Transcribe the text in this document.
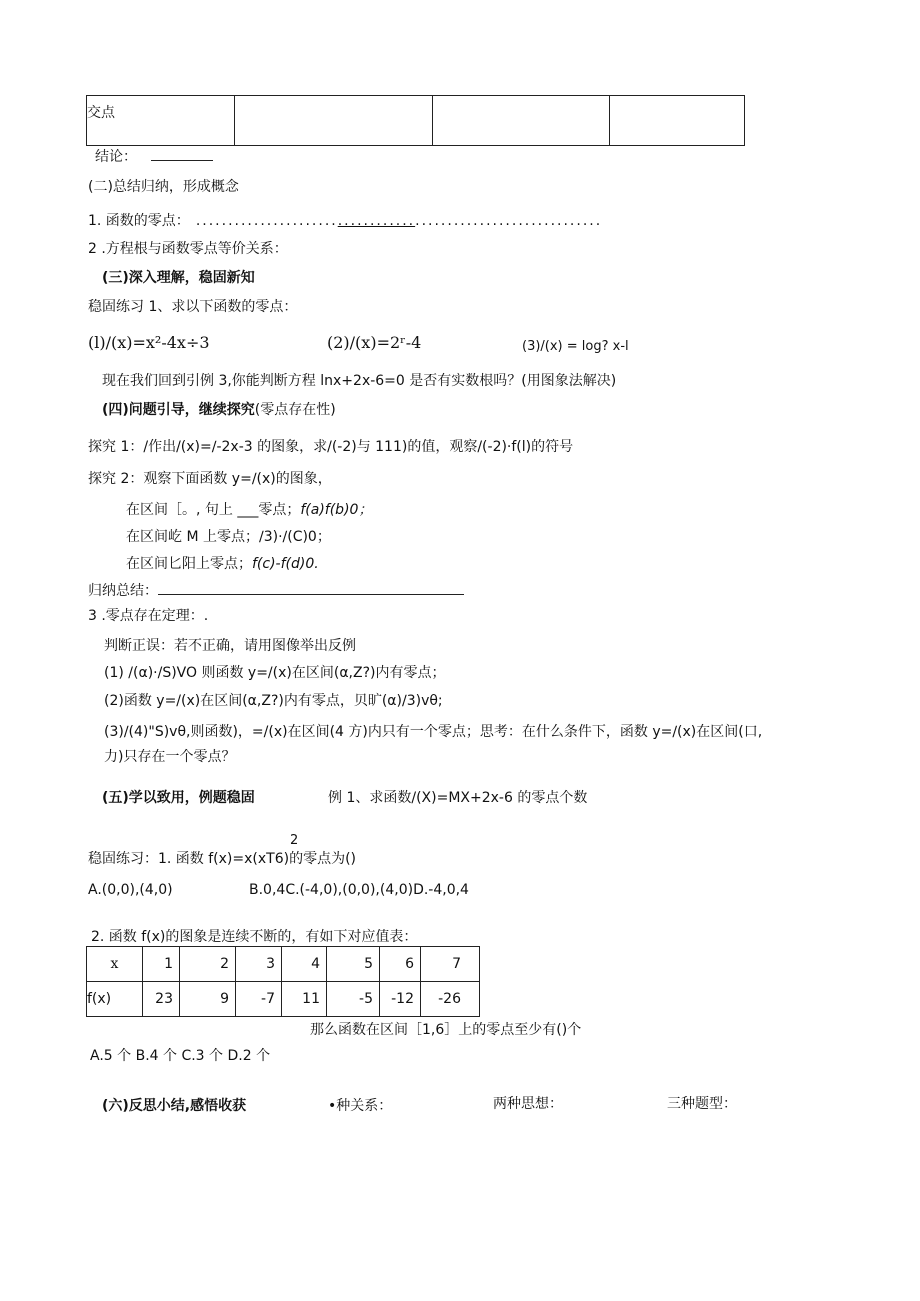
交点

结论：
(二)总结归纳，形成概念
1. 函数的零点： ...............................................................
2 .方程根与函数零点等价关系：
(三)深入理解，稳固新知
稳固练习 1、求以下函数的零点：
(l)/(x)=x²-4x÷3	(2)/(x)=2ʳ-4	(3)/(x) = log? x-l
现在我们回到引例 3,你能判断方程 lnx+2x-6=0 是否有实数根吗？(用图象法解决)
(四)问题引导，继续探究(零点存在性)
探究 1：/作出/(x)=∕-2x-3 的图象，求/(-2)与 111)的值，观察/(-2)·f(l)的符号
探究 2：观察下面函数 y=∕(x)的图象，
在区间［。, 句上 ___零点；f(a)f(b)0；
在区间屹 M 上零点；∕3)·∕(C)0；
在区间匕阳上零点；f(c)-f(d)0.
归纳总结：
3 .零点存在定理：.
判断正误：若不正确，请用图像举出反例
(1) /(α)·/S)VO 则函数 y=/(x)在区间(α,Z?)内有零点；
(2)函数 y=/(x)在区间(α,Z?)内有零点，贝旷(α)∕3)vθ;
(3)∕(4)"S)vθ,则函数)，=/(x)在区间(4 方)内只有一个零点；思考：在什么条件下，函数 y=∕(x)在区间(口,
力)只存在一个零点？
(五)学以致用，例题稳固	例 1、求函数/(X)=MX+2x-6 的零点个数
2
稳固练习：1. 函数 f(x)=x(xT6)的零点为()
A.(0,0),(4,0)	B.0,4C.(-4,0),(0,0),(4,0)D.-4,0,4
2. 函数 f(x)的图象是连续不断的，有如下对应值表：
x	1	2	3	4	5	6	7
f(x)	23	9	-7	11	-5	-12	-26
那么函数在区间［1,6］上的零点至少有()个
A.5 个 B.4 个 C.3 个 D.2 个
(六)反思小结,感悟收获	•种关系：	两种思想：	三种题型：
